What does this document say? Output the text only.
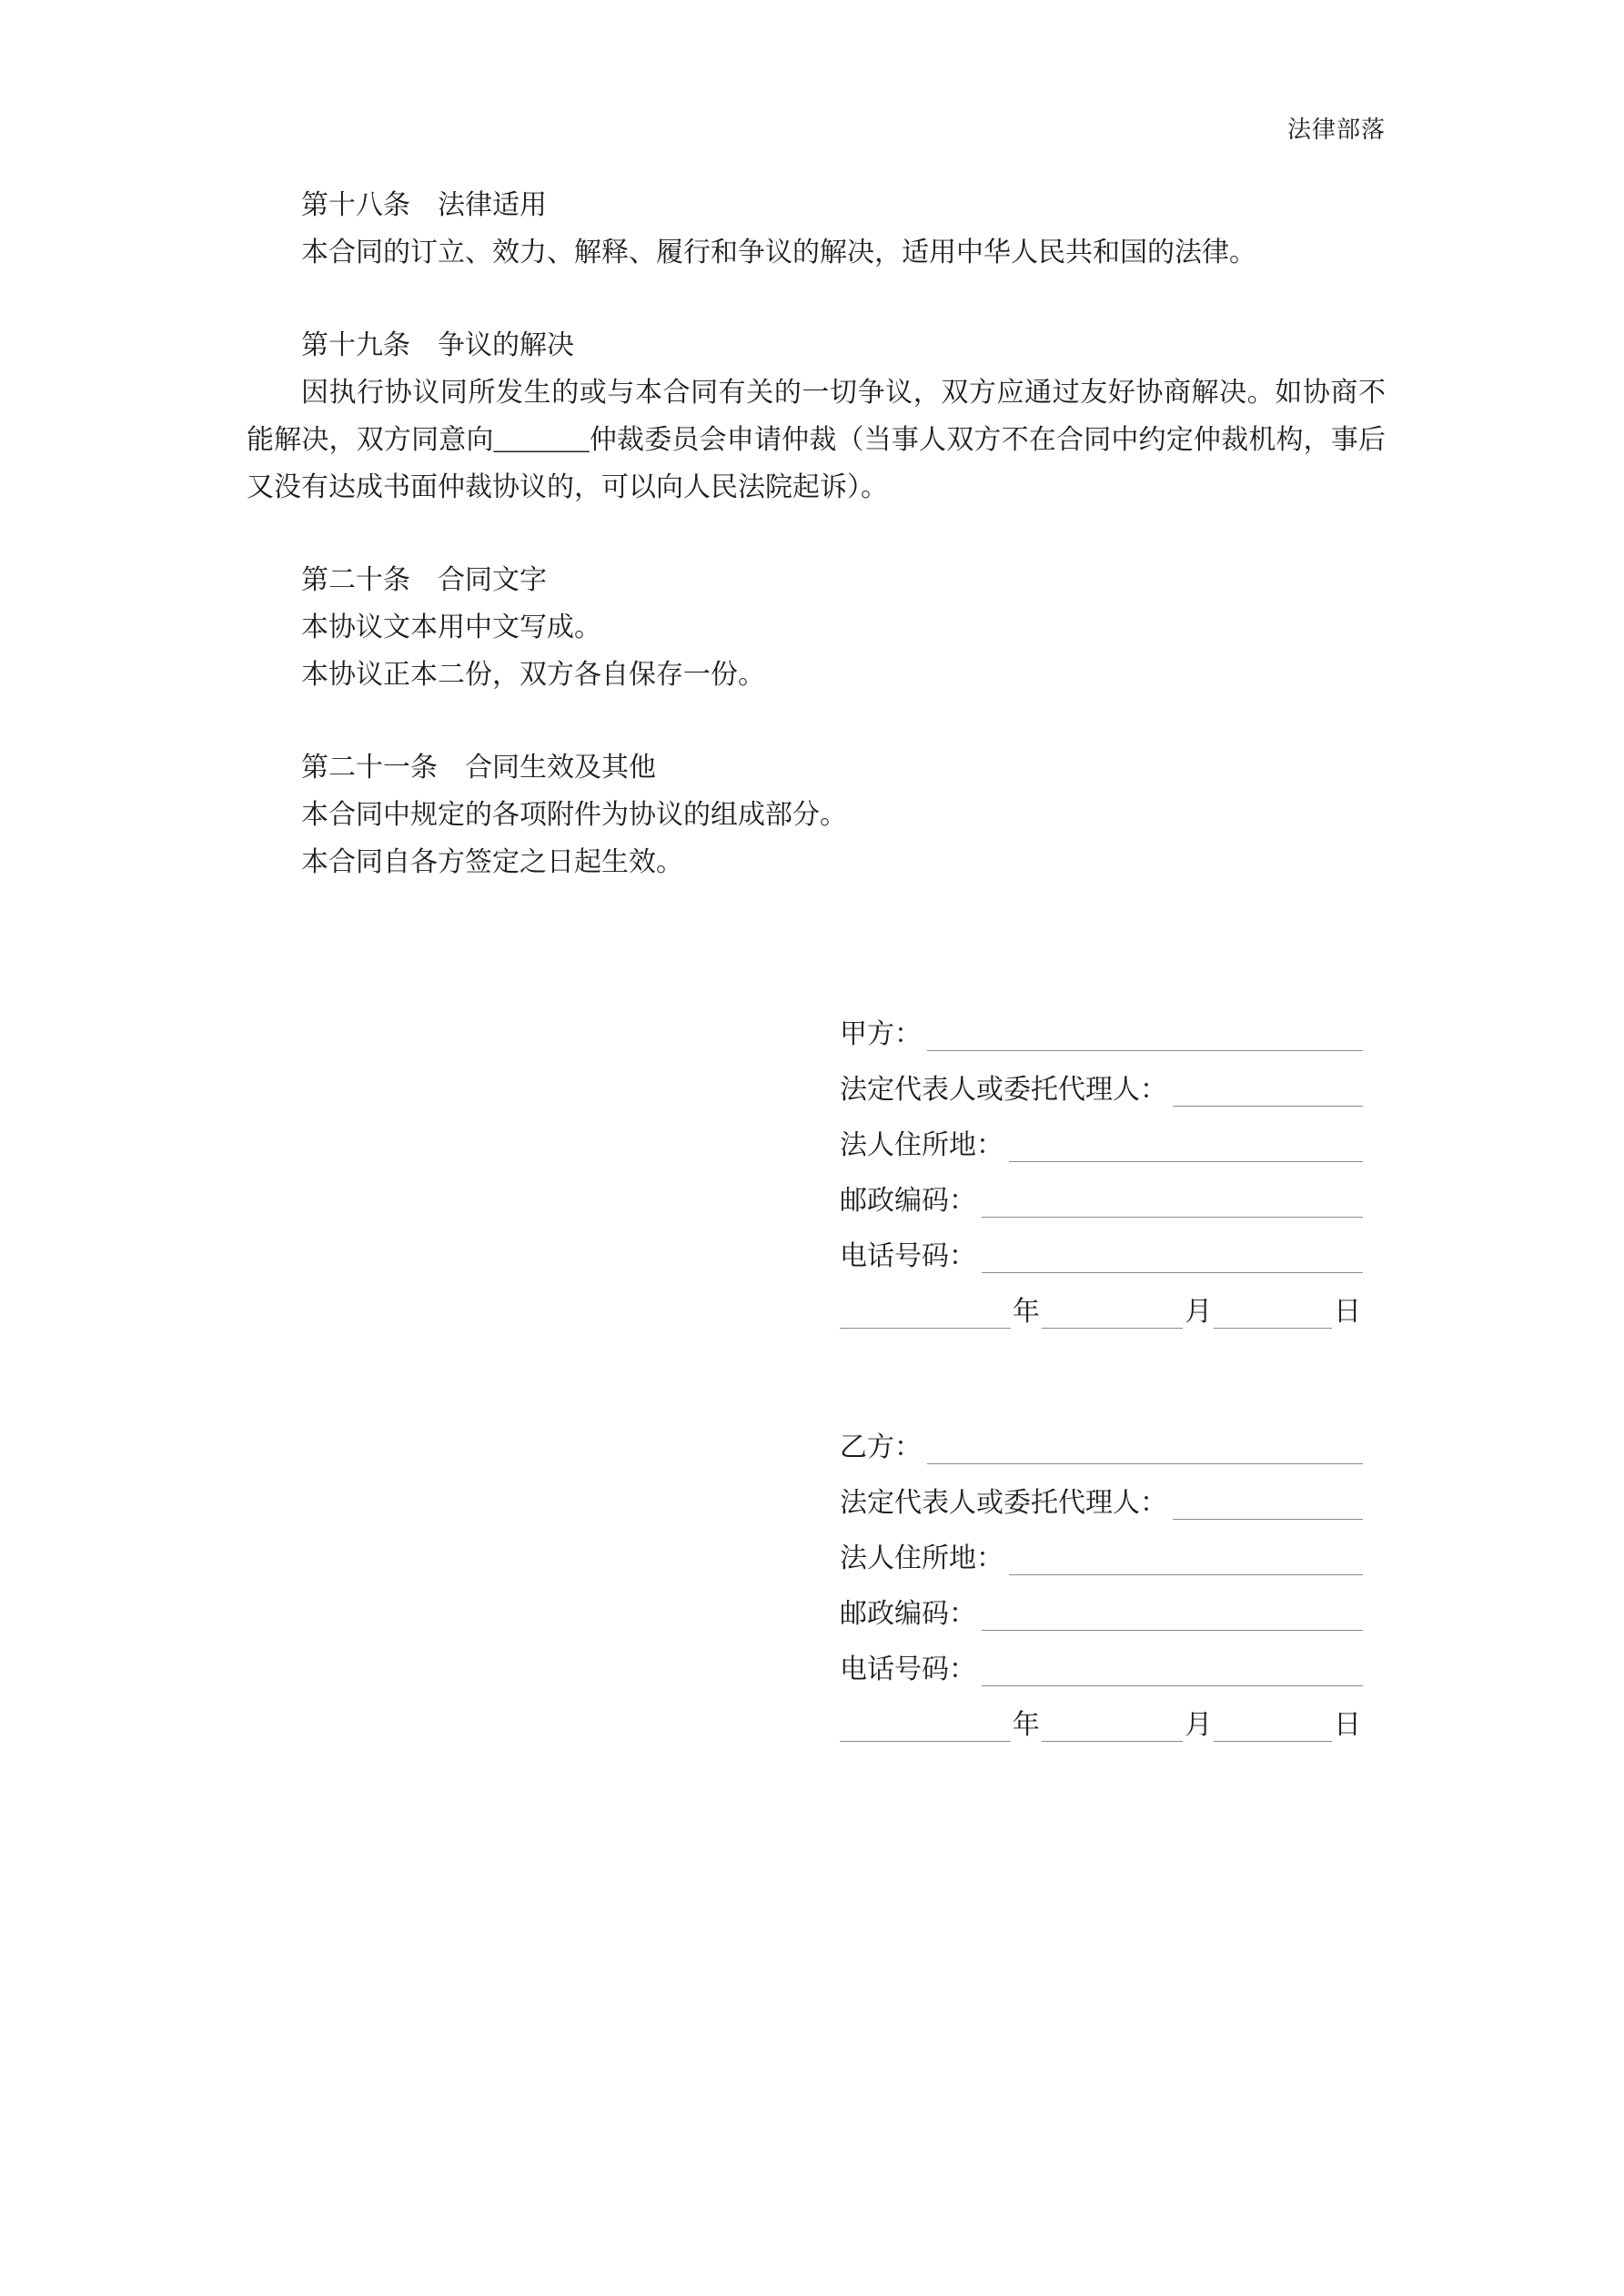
法律部落

第十八条　法律适用

本合同的订立、效力、解释、履行和争议的解决，适用中华人民共和国的法律。

第十九条　争议的解决

因执行协议同所发生的或与本合同有关的一切争议，双方应通过友好协商解决。如协商不能解决，双方同意向_______仲裁委员会申请仲裁（当事人双方不在合同中约定仲裁机构，事后又没有达成书面仲裁协议的，可以向人民法院起诉）。

第二十条　合同文字

本协议文本用中文写成。

本协议正本二份，双方各自保存一份。

第二十一条　合同生效及其他

本合同中规定的各项附件为协议的组成部分。

本合同自各方签定之日起生效。

甲方：
法定代表人或委托代理人：
法人住所地：
邮政编码：
电话号码：
年	月	日
乙方：
法定代表人或委托代理人：
法人住所地：
邮政编码：
电话号码：
年	月	日
